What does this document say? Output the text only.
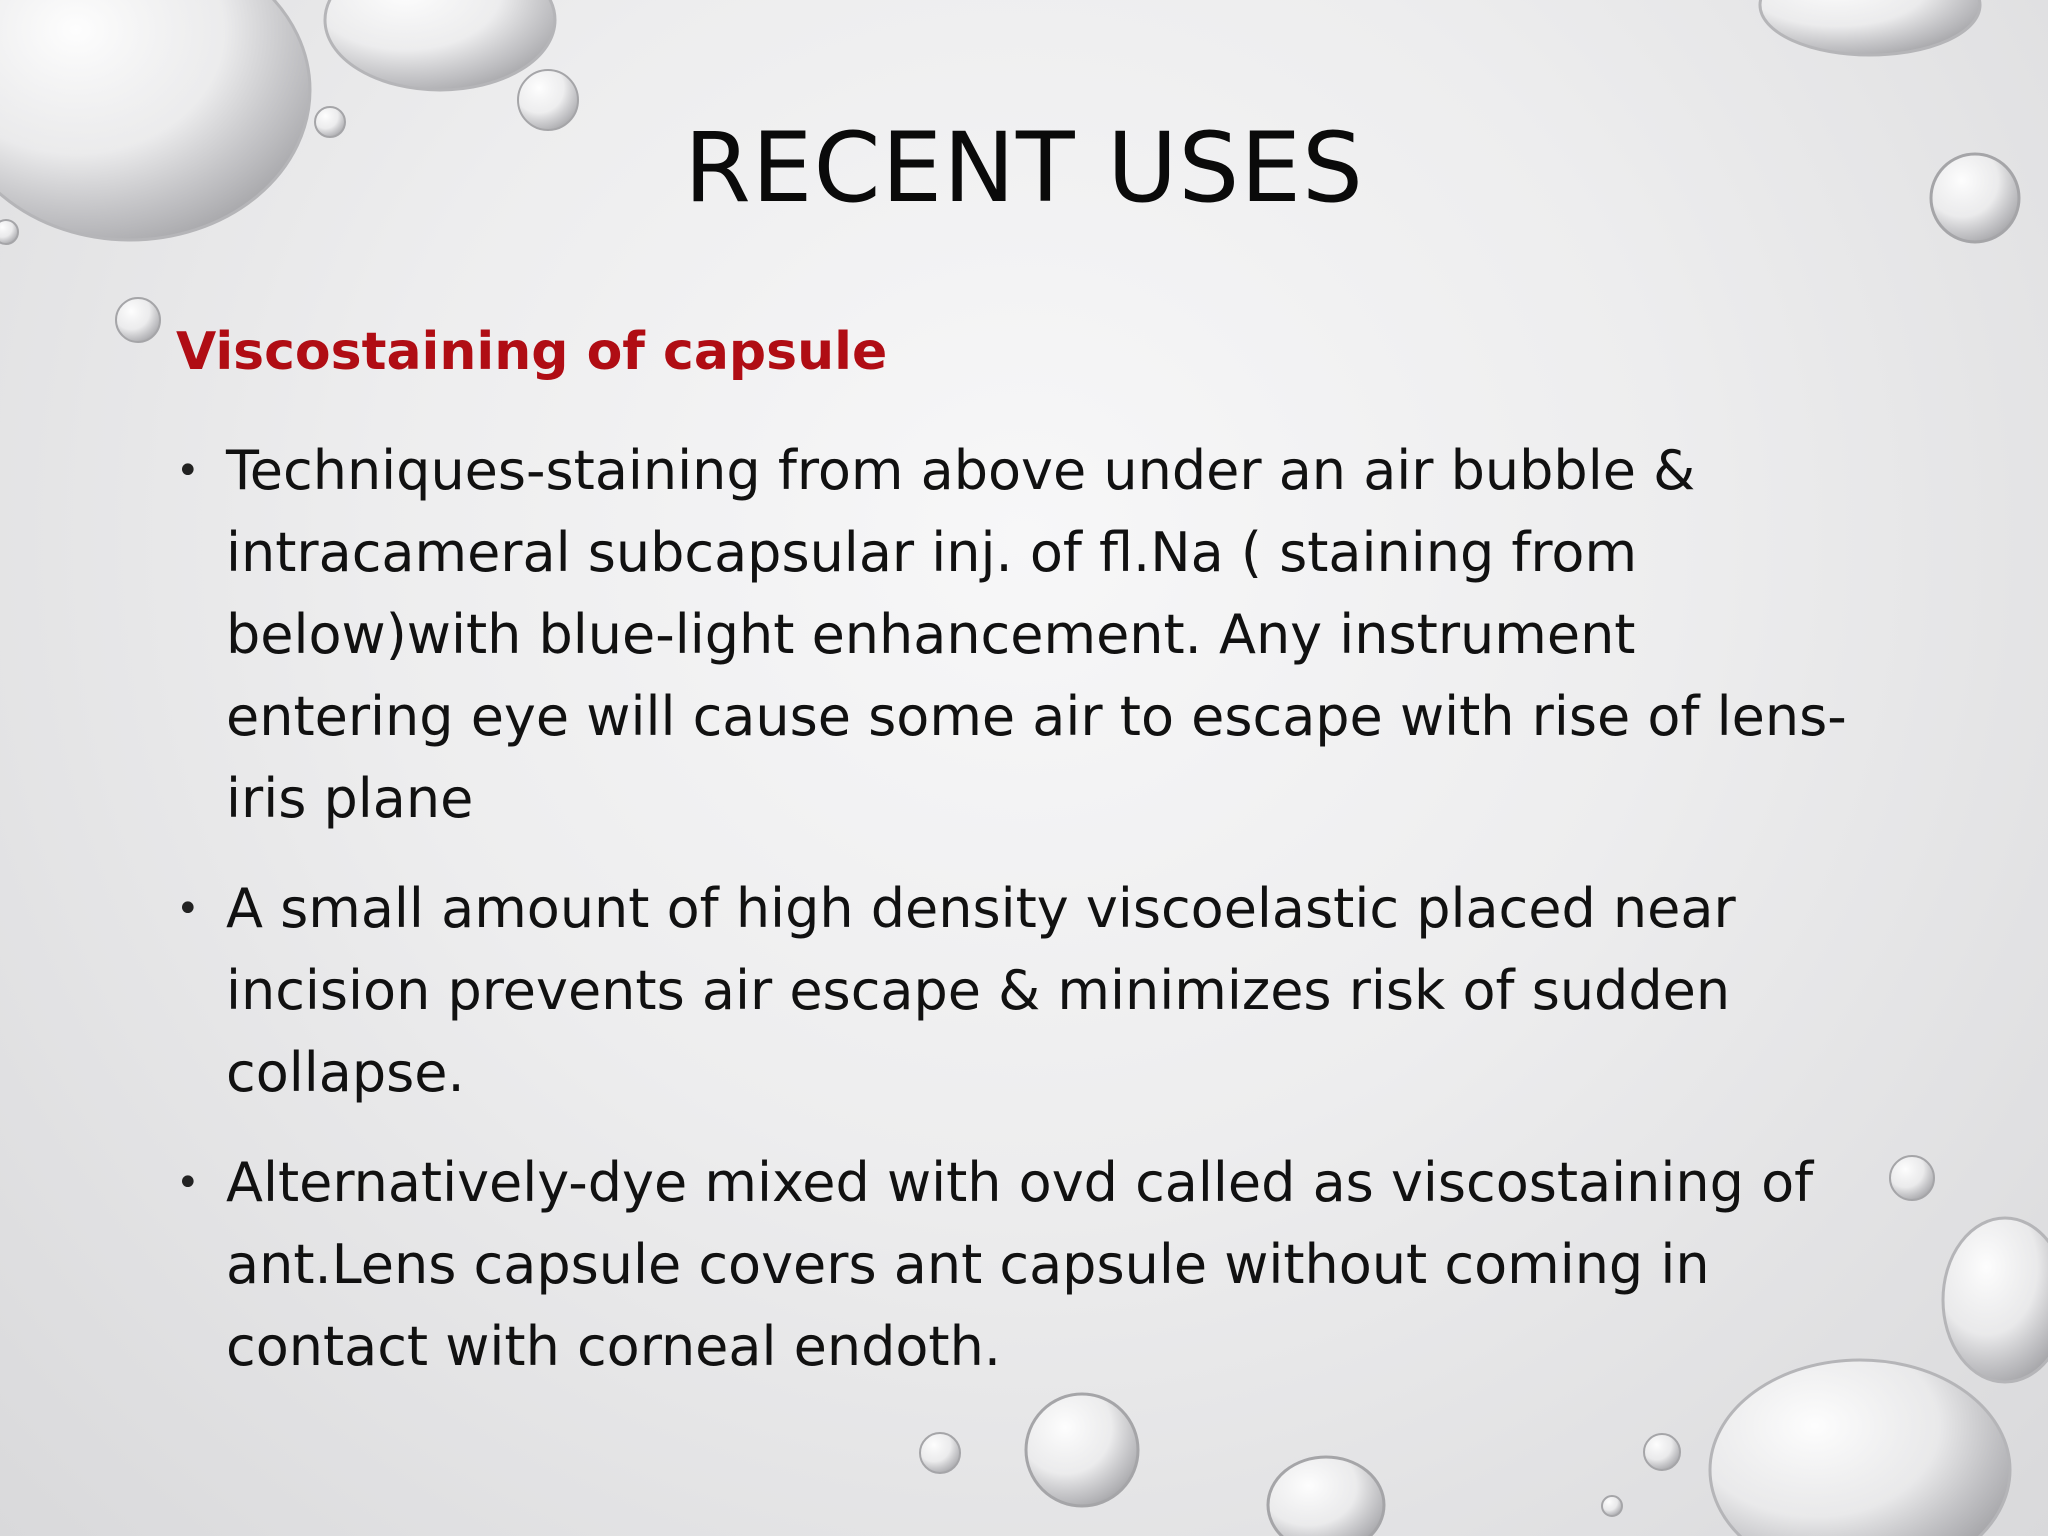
RECENT USES
Viscostaining of capsule
• Techniques-staining from above under an air bubble & intracameral subcapsular inj. of fl.Na ( staining from below)with blue-light enhancement. Any instrument entering eye will cause some air to escape with rise of lens-iris plane
• A small amount of high density viscoelastic placed near incision prevents air escape & minimizes risk of sudden collapse.
• Alternatively-dye mixed with ovd called as viscostaining of ant.Lens capsule covers ant capsule without coming in contact with corneal endoth.
